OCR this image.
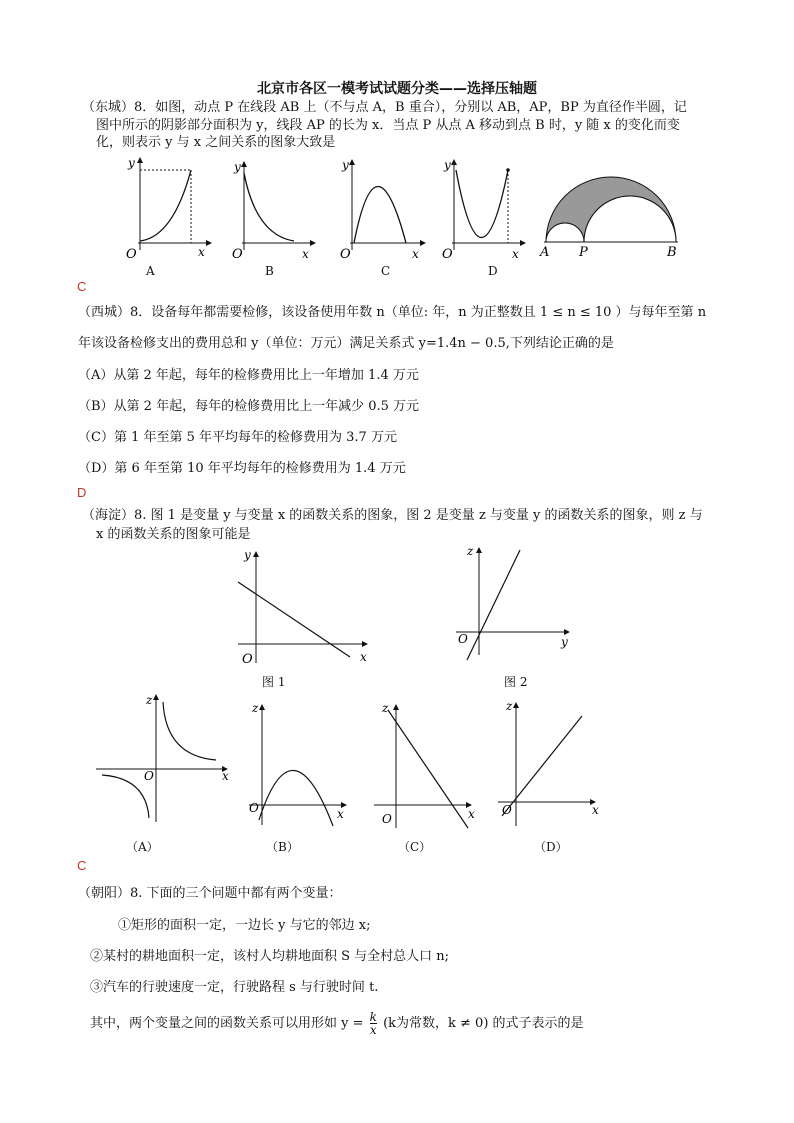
北京市各区一模考试试题分类——选择压轴题
（东城）8．如图，动点 P 在线段 AB 上（不与点 A，B 重合），分别以 AB，AP，BP 为直径作半圆，记
图中所示的阴影部分面积为 y，线段 AP 的长为 x．当点 P 从点 A 移动到点 B 时，y 随 x 的变化而变
化，则表示 y 与 x 之间关系的图象大致是
O	x
y
A
O	x
y
B
O	x
y
C
O	x
y
D
A P	B
C
（西城）8．设备每年都需要检修，该设备使用年数 n（单位: 年，n 为正整数且 1 ≤ n ≤ 10 ）与每年至第 n
年该设备检修支出的费用总和 y（单位：万元）满足关系式 y=1.4n − 0.5,下列结论正确的是
（A）从第 2 年起，每年的检修费用比上一年增加 1.4 万元
（B）从第 2 年起，每年的检修费用比上一年减少 0.5 万元
（C）第 1 年至第 5 年平均每年的检修费用为 3.7 万元
（D）第 6 年至第 10 年平均每年的检修费用为 1.4 万元
D
（海淀）8. 图 1 是变量 y 与变量 x 的函数关系的图象，图 2 是变量 z 与变量 y 的函数关系的图象，则 z 与
x 的函数关系的图象可能是
O	x
y
图 1
O	y
z
图 2
O	x
z
（A）
O	x
z
（B）
O	x
z
（C）
O	x
z
（D）
C
（朝阳）8. 下面的三个问题中都有两个变量：
①矩形的面积一定，一边长 y 与它的邻边 x;
②某村的耕地面积一定，该村人均耕地面积 S 与全村总人口 n;
③汽车的行驶速度一定，行驶路程 s 与行驶时间 t.
其中，两个变量之间的函数关系可以用形如 $y = \frac{k}{x} (k$为常数，k ≠ 0) 的式子表示的是
